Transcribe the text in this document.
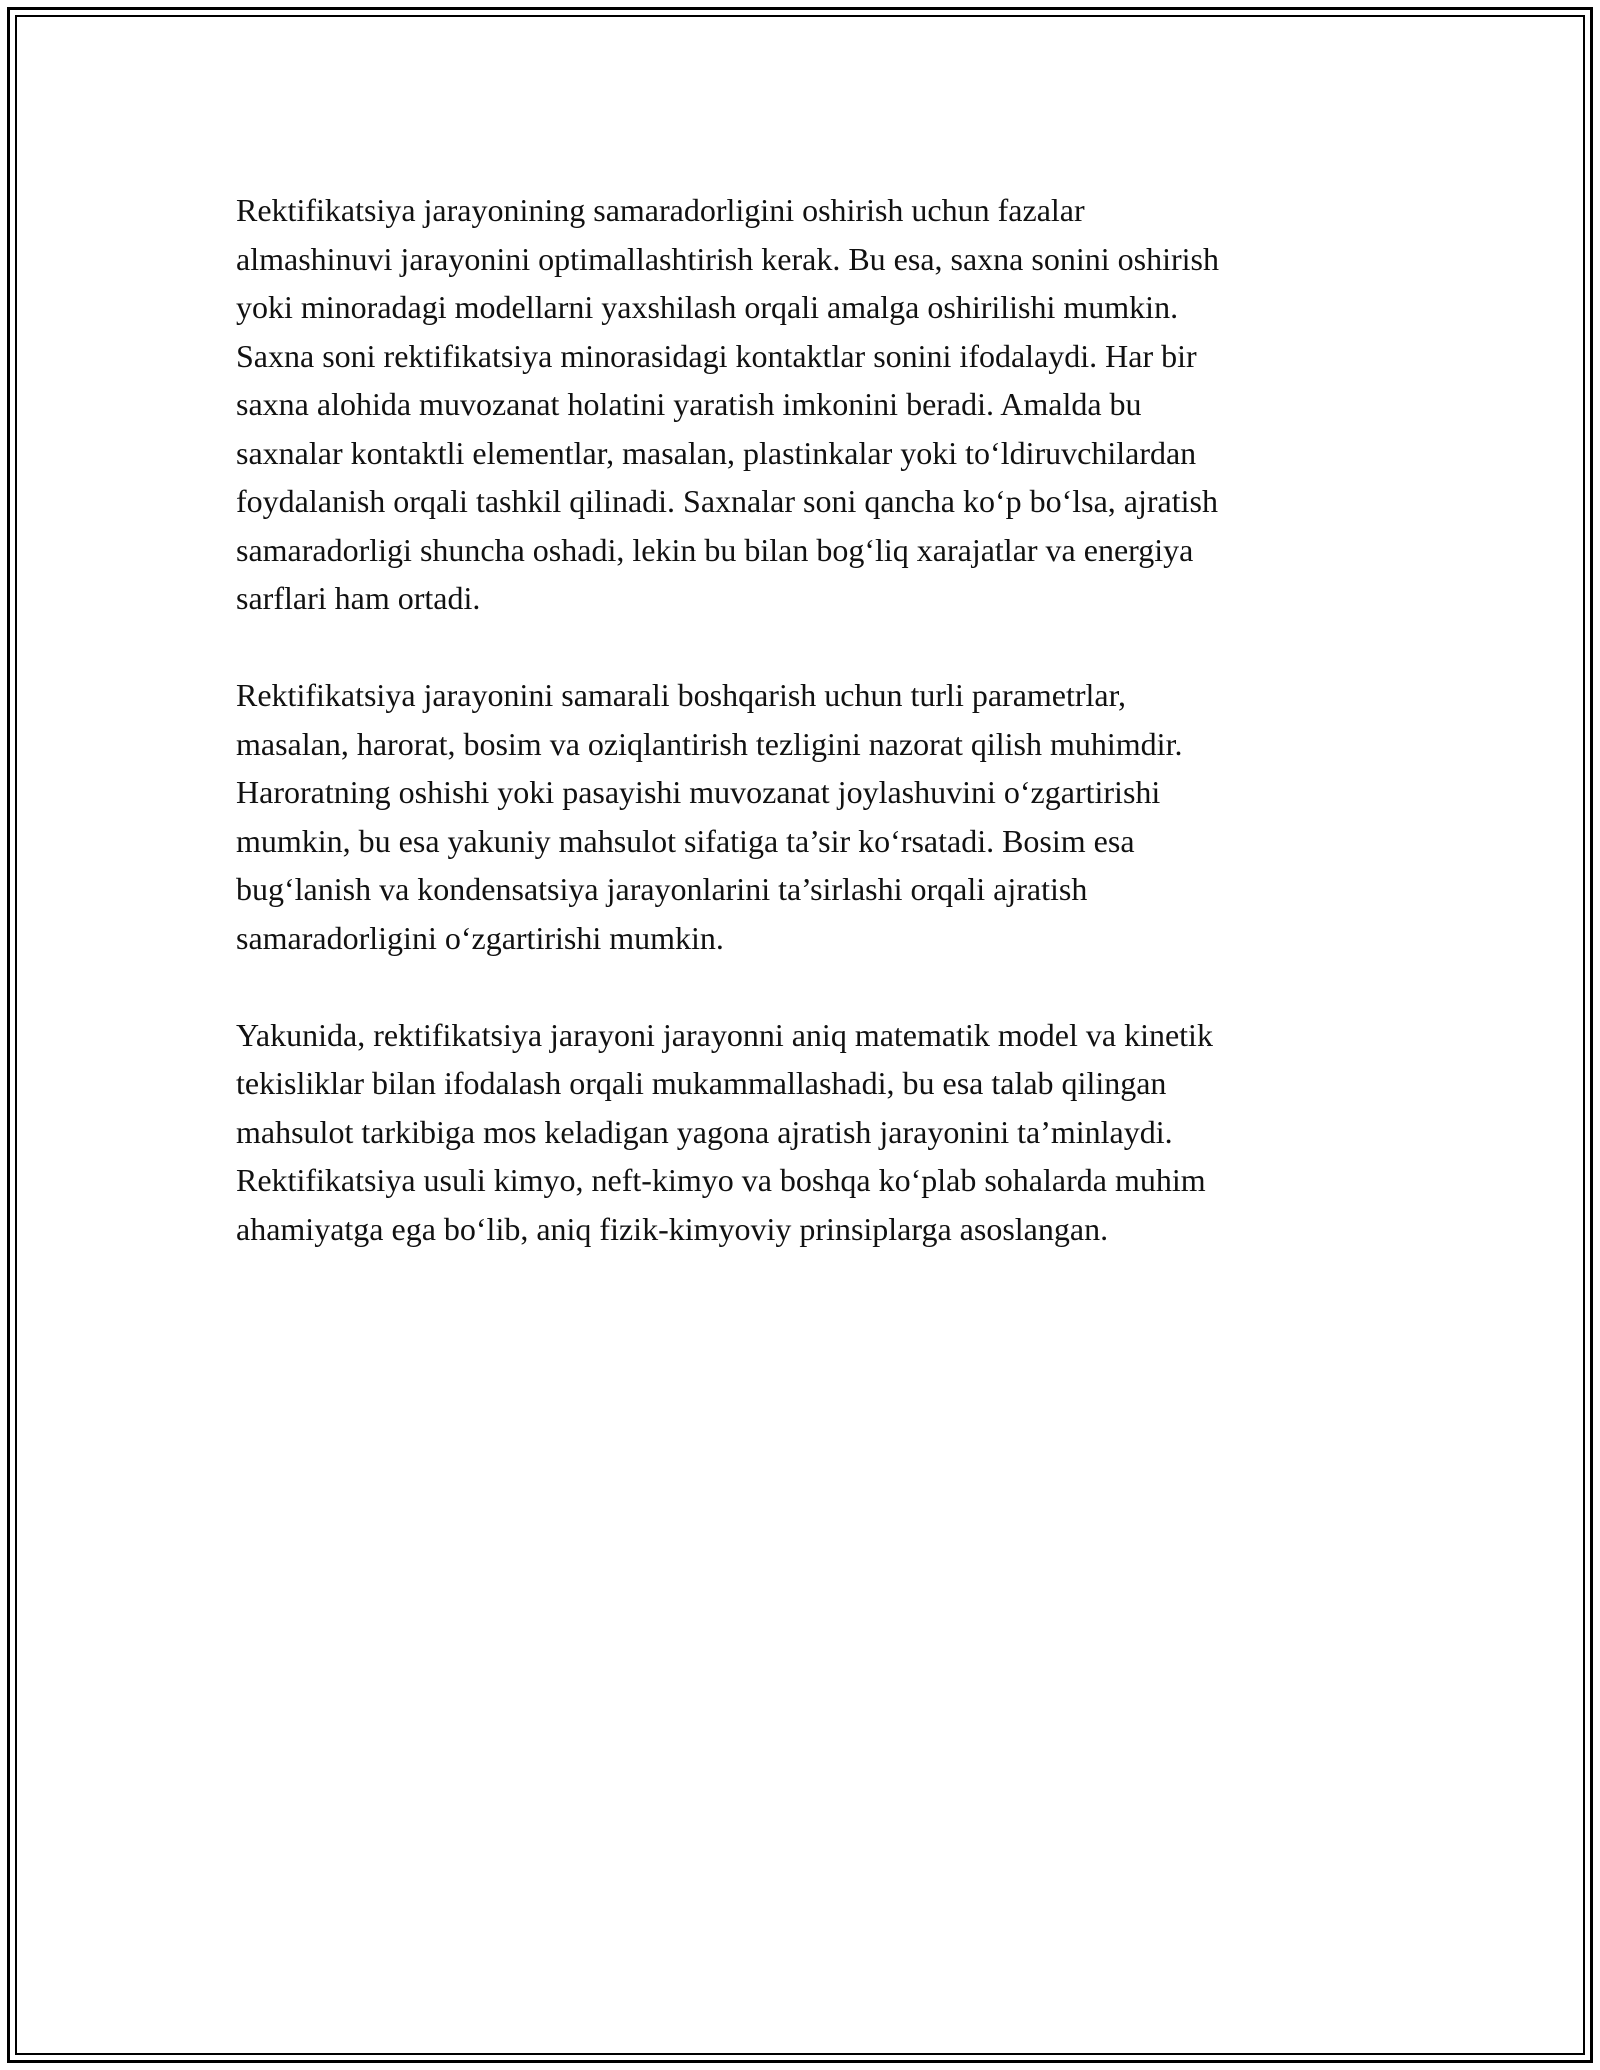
Rektifikatsiya jarayonining samaradorligini oshirish uchun fazalar
almashinuvi jarayonini optimallashtirish kerak. Bu esa, saxna sonini oshirish
yoki minoradagi modellarni yaxshilash orqali amalga oshirilishi mumkin.
Saxna soni rektifikatsiya minorasidagi kontaktlar sonini ifodalaydi. Har bir
saxna alohida muvozanat holatini yaratish imkonini beradi. Amalda bu
saxnalar kontaktli elementlar, masalan, plastinkalar yoki to‘ldiruvchilardan
foydalanish orqali tashkil qilinadi. Saxnalar soni qancha ko‘p bo‘lsa, ajratish
samaradorligi shuncha oshadi, lekin bu bilan bog‘liq xarajatlar va energiya
sarflari ham ortadi.

Rektifikatsiya jarayonini samarali boshqarish uchun turli parametrlar,
masalan, harorat, bosim va oziqlantirish tezligini nazorat qilish muhimdir.
Haroratning oshishi yoki pasayishi muvozanat joylashuvini o‘zgartirishi
mumkin, bu esa yakuniy mahsulot sifatiga ta’sir ko‘rsatadi. Bosim esa
bug‘lanish va kondensatsiya jarayonlarini ta’sirlashi orqali ajratish
samaradorligini o‘zgartirishi mumkin.

Yakunida, rektifikatsiya jarayoni jarayonni aniq matematik model va kinetik
tekisliklar bilan ifodalash orqali mukammallashadi, bu esa talab qilingan
mahsulot tarkibiga mos keladigan yagona ajratish jarayonini ta’minlaydi.
Rektifikatsiya usuli kimyo, neft-kimyo va boshqa ko‘plab sohalarda muhim
ahamiyatga ega bo‘lib, aniq fizik-kimyoviy prinsiplarga asoslangan.
